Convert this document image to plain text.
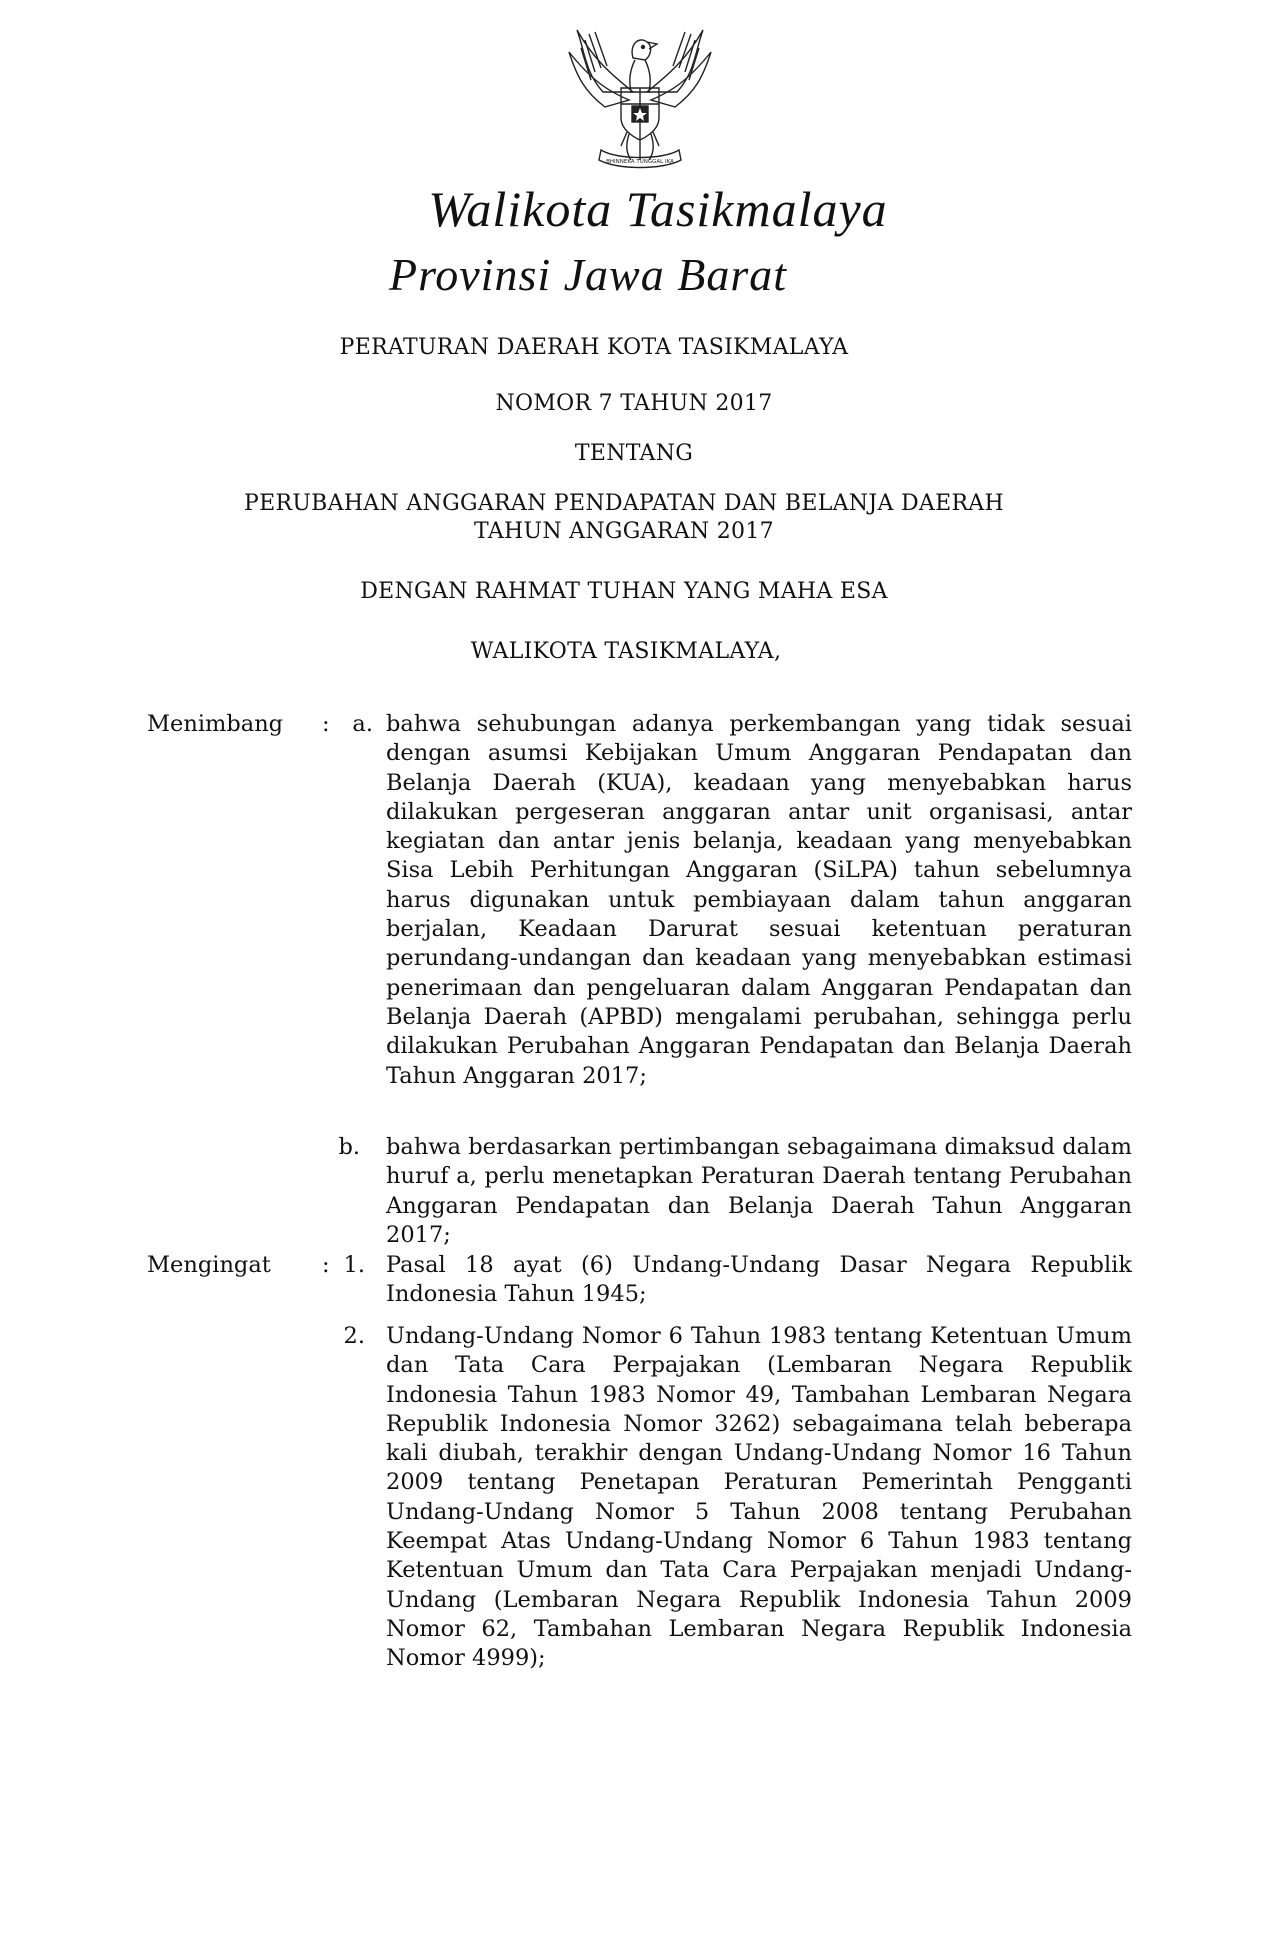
BHINNEKA TUNGGAL IKA
Walikota Tasikmalaya
Provinsi Jawa Barat
PERATURAN DAERAH KOTA TASIKMALAYA
NOMOR 7 TAHUN 2017
TENTANG
PERUBAHAN ANGGARAN PENDAPATAN DAN BELANJA DAERAH
TAHUN ANGGARAN 2017
DENGAN RAHMAT TUHAN YANG MAHA ESA
WALIKOTA TASIKMALAYA,
Menimbang :	a. bahwa sehubungan adanya perkembangan yang tidak sesuai dengan asumsi Kebijakan Umum Anggaran Pendapatan dan Belanja Daerah (KUA), keadaan yang menyebabkan harus dilakukan pergeseran anggaran antar unit organisasi, antar kegiatan dan antar jenis belanja, keadaan yang menyebabkan Sisa Lebih Perhitungan Anggaran (SiLPA) tahun sebelumnya harus digunakan untuk pembiayaan dalam tahun anggaran berjalan, Keadaan Darurat sesuai ketentuan peraturan perundang-undangan dan keadaan yang menyebabkan estimasi penerimaan dan pengeluaran dalam Anggaran Pendapatan dan Belanja Daerah (APBD) mengalami perubahan, sehingga perlu dilakukan Perubahan Anggaran Pendapatan dan Belanja Daerah Tahun Anggaran 2017;
b. bahwa berdasarkan pertimbangan sebagaimana dimaksud dalam huruf a, perlu menetapkan Peraturan Daerah tentang Perubahan Anggaran Pendapatan dan Belanja Daerah Tahun Anggaran 2017;
Mengingat : 1. Pasal 18 ayat (6) Undang-Undang Dasar Negara Republik Indonesia Tahun 1945;
2. Undang-Undang Nomor 6 Tahun 1983 tentang Ketentuan Umum dan Tata Cara Perpajakan (Lembaran Negara Republik Indonesia Tahun 1983 Nomor 49, Tambahan Lembaran Negara Republik Indonesia Nomor 3262) sebagaimana telah beberapa kali diubah, terakhir dengan Undang-Undang Nomor 16 Tahun 2009 tentang Penetapan Peraturan Pemerintah Pengganti Undang-Undang Nomor 5 Tahun 2008 tentang Perubahan Keempat Atas Undang-Undang Nomor 6 Tahun 1983 tentang Ketentuan Umum dan Tata Cara Perpajakan menjadi Undang-Undang (Lembaran Negara Republik Indonesia Tahun 2009 Nomor 62, Tambahan Lembaran Negara Republik Indonesia Nomor 4999);
